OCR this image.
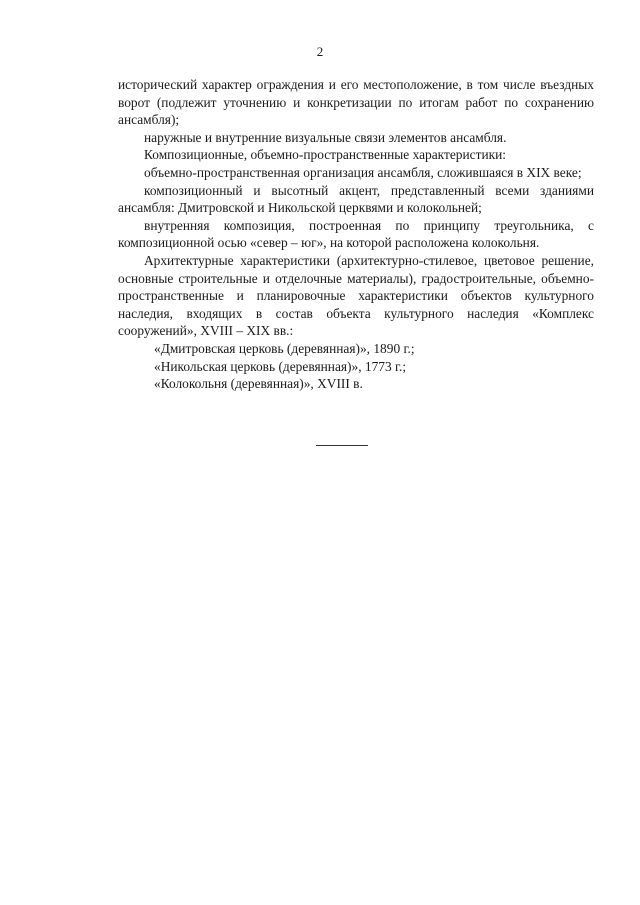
2

исторический характер ограждения и его местоположение, в том числе въездных ворот (подлежит уточнению и конкретизации по итогам работ по сохранению ансамбля);

наружные и внутренние визуальные связи элементов ансамбля.

Композиционные, объемно-пространственные характеристики:

объемно-пространственная организация ансамбля, сложившаяся в XIX веке;

композиционный и высотный акцент, представленный всеми зданиями ансамбля: Дмитровской и Никольской церквями и колокольней;

внутренняя композиция, построенная по принципу треугольника, с композиционной осью «север – юг», на которой расположена колокольня.

Архитектурные характеристики (архитектурно-стилевое, цветовое решение, основные строительные и отделочные материалы), градостроительные, объемно-пространственные и планировочные характеристики объектов культурного наследия, входящих в состав объекта культурного наследия «Комплекс сооружений», XVIII – XIX вв.:

«Дмитровская церковь (деревянная)», 1890 г.;

«Никольская церковь (деревянная)», 1773 г.;

«Колокольня (деревянная)», XVIII в.
